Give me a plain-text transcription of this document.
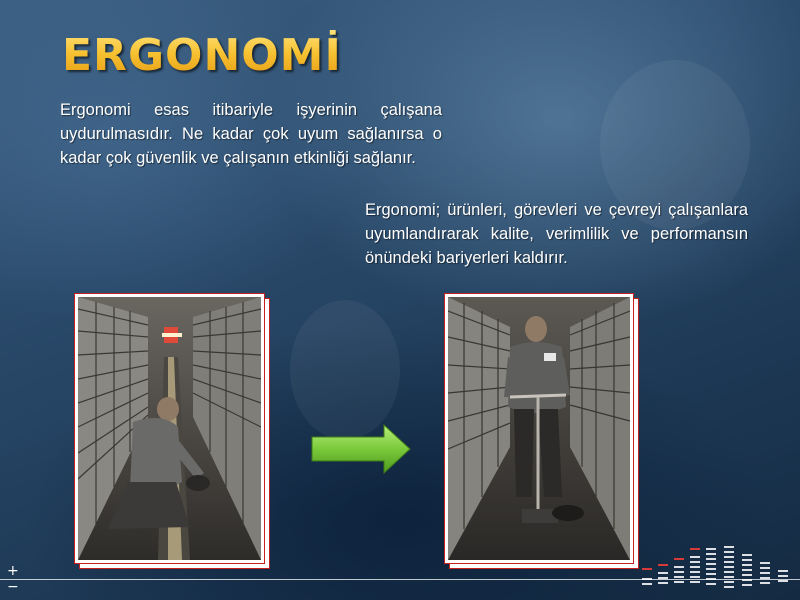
ERGONOMİ

Ergonomi esas itibariyle işyerinin çalışana uydurulmasıdır. Ne kadar çok uyum sağlanırsa o kadar çok güvenlik ve çalışanın etkinliği sağlanır.

Ergonomi; ürünleri, görevleri ve çevreyi çalışanlara uyumlandırarak kalite, verimlilik ve performansın önündeki bariyerleri kaldırır.

+
−
